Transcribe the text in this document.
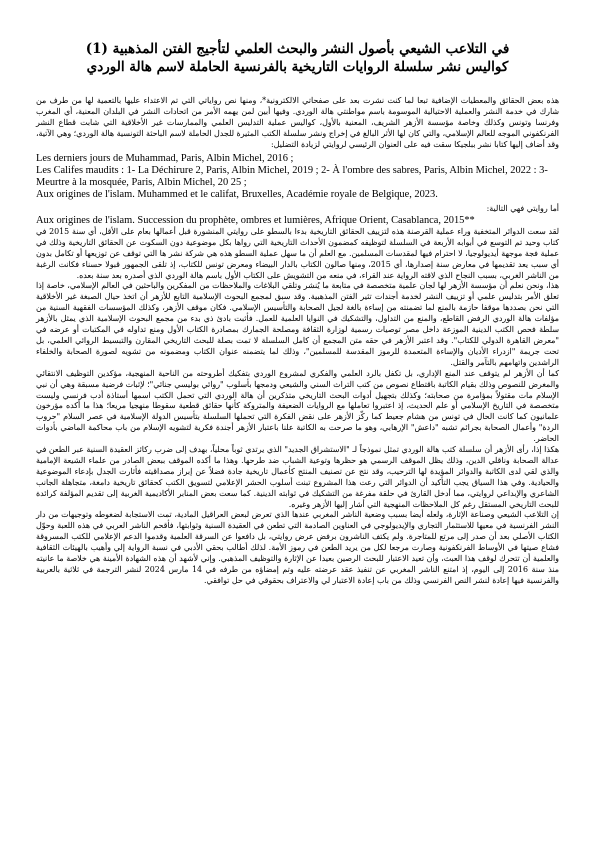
في التلاعب الشيعي بأصول النشر والبحث العلمي لتأجيج الفتن المذهبية (1)
كواليس نشر سلسلة الروايات التاريخية بالفرنسية الحاملة لاسم هالة الوردي

هذه بعض الحقائق والمعطيات الإضافية تبعا لما كنت نشرت بعد على صفحاتي الالكترونية*، ومنها نص رواياتي التي تم الاعتداء عليها بالتعمية لها من طرف من شارك في خدمة النشر والعملية الاحتيالية الموسومة باسم مواطنتي هالة الوردي. وفيها أبين لمن يهمه الأمر من اتحادات النشر في البلدان المعنية، أي المغرب وفرنسا وتونس وكذلك وخاصة مؤسسة الأزهر الشريف، المعنية بالأول، كواليس عملية التدليس العلمي والممارسات غير الأخلاقية التي شابت قطاع النشر الفرنكفوني الموجه للعالم الإسلامي، والتي كان لها الأثر البالغ في إخراج ونشر سلسلة الكتب المثيرة للجدل الحاملة لاسم الباحثة التونسية هالة الوردي؛ وهي الآتية، وقد أضاف إليها كتابا نشر ببلجيكا سقت فيه على العنوان الرئيسي لروايتي لزيادة التضليل:

Les derniers jours de Muhammad, Paris, Albin Michel, 2016 ;

Les Califes maudits : 1- La Déchirure 2, Paris, Albin Michel, 2019 ; 2- À l'ombre des sabres, Paris, Albin Michel, 2022 : 3- Meurtre à la mosquée, Paris, Albin Michel, 20 25 ;

Aux origines de l'islam. Muhammed et le califat, Bruxelles, Académie royale de Belgique, 2023.

أما روايتي فهي التالية:

Aux origines de l'islam. Succession du prophète, ombres et lumières, Afrique Orient, Casablanca, 2015**

لقد سعت الدوائر المتخفية وراء عملية القرصنة هذه لتزييف الحقائق التاريخية بدءا بالسطو على روايتي المنشورة قبل أعمالها بعام على الأقل، أي سنة 2015 في كتاب وحيد تم التوسع في أبوابه الأربعة في السلسلة لتوظيفه كمضمون الأحداث التاريخية التي رواها بكل موضوعية دون السكوت عن الحقائق التاريخية وذلك في عملية فجة موجهة أيديولوجيا، لا احترام فيها لمقدسات المسلمين. مع العلم أن ما سهل عملية السطو هذه هي شركة نشر ها التي توقف عن توزيعها أو تكامل بدون أي سبب يعد تقديمها في معارض سنة إصدارها، أي 2015، ومنها صالون الكتاب بالدار البيضاء ومعرض تونس للكتاب، إذ تلقى الجمهور قبولا حسناء فكانت الرغبة من الناشر الغربي، بسبب النجاح الذي لاقته الرواية عند القراء، في منعه من التشويش على الكتاب الأول باسم هالة الوردي الذي أصدره بعد سنة بعده.

هذا، ونحن نعلم أن مؤسسة الأزهر لها لجان علمية متخصصة في متابعة ما يُنشر وتلقي البلاغات والملاحظات من المفكرين والباحثين في العالم الإسلامي، خاصة إذا تعلق الأمر بتدليس علمي أو تزييف النشر لخدمة أجندات تثير الفتن المذهبية. وقد سبق لمجمع البحوث الإسلامية التابع للأزهر أن اتخذ حيال الصبغة غير الأخلاقية التي نحن بصددها موقفا حازمة بالمنع لما تضمنته من إساءة بالغة لجيل الصحابة والتأسيس الإسلامي. فكان موقف الأزهر، وكذلك المؤسسات الفقهية السنية من مؤلفات هالة الوردي الرفض القاطع، والمنع من التداول، والتشكيك في النوايا العلمية للعمل. فأثبت بادئ ذي بدء من مجمع البحوث الإسلامية الذي يمثل بالأزهر سلطة فحص الكتب الدينية الموزعة داخل مصر توصيات رسمية لوزارة الثقافة ومصلحة الجمارك بمصادرة الكتاب الأول ومنع تداوله في المكتبات أو عرضه في "معرض القاهرة الدولي للكتاب". وقد اعتبر الأزهر في حقه متن المجمع أن كامل السلسلة لا تمت بصلة للبحث التاريخي المقارن والتبسيط الروائي العلمي، بل تحت جريمة "ازدراء الأديان والإساءة المتعمدة للرموز المقدسة للمسلمين"، وذلك لما يتضمنه عنوان الكتاب ومضمونه من تشويه لصورة الصحابة والخلفاء الراشدين واتهامهم بالتآمر والقتل.

كما أن الأزهر لم يتوقف عند المنع الإداري، بل تكفل بالرد العلمي والفكري لمشروع الوردي بتفكيك أطروحته من الناحية المنهجية، مؤكدين التوظيف الانتقائي والمغرض للنصوص وذلك بقيام الكاتبة باقتطاع نصوص من كتب التراث السني والشيعي ودمجها بأسلوب "روائي بوليسي جنائي"؛ لإثبات فرضية مسبقة وهي أن نبي الإسلام مات مقتولاً بمؤامرة من صحابته؛ وكذلك بتجهيل أدوات البحث التاريخي متذكرين أن هالة الوردي التي تحمل الكتب اسمها أستاذة أدب فرنسي وليست متخصصة في التاريخ الإسلامي أو علم الحديث، إذ اعتبروا تعاملها مع الروايات الضعيفة والمتروكة كأنها حقائق قطعية سقوطا منهجيا مريعا؛ هذا ما أكده مؤرخون علمانيون كما كانت الحال في تونس من هشام جعيط كما ركّز الأزهر على نقض الفكرة التي تحملها السلسلة بتأسيس الدولة الإسلامية في عصر السلام "حروب الردة" وأعمال الصحابة بجرائم تشبه "داعش" الإرهابي، وهو ما صرحت به الكاتبة علنا باعتبار الأزهر أجندة فكرية لتشويه الإسلام من باب محاكمة الماضي بأدوات الحاضر.

هكذا إذا، رأى الأزهر أن سلسلة كتب هالة الوردي تمثل نموذجاً لـ "الاستشراق الجديد" الذي يرتدي ثوباً محلياً، بهدف إلى ضرب ركائز العقيدة السنية عبر الطعن في عدالة الصحابة وناقلي الدين، وذلك يظل الموقف الرسمي هو حظرها وتوعية الشباب ضد طرحها. وهذا ما أكده الموقف ببعض الصادر من علماء الشيعة الإمامية والذي لقي لدى الكاتبة والدوائر المؤيدة لها الترحيب، وقد نتج عن تصنيف المنتج كأعمال تاريخية جادة فضلاً عن إبراز مصداقيته فأثارت الجدل بإدعاء الموضوعية والحيادية. وفي هذا السياق يجب التأكيد أن الدوائر التي رعت هذا المشروع تبنت أسلوب الحشر الإعلامي لتسويق الكتب كحقائق تاريخية دامغة، متجاهلة الجانب الشاعري والإبداعي لروايتي، مما أدخل القارئ في حلقة مفرغة من التشكيك في ثوابته الدينية. كما سعت بعض المنابر الأكاديمية الغربية إلى تقديم المؤلفة كرائدة للبحث التاريخي المستقل رغم كل الملاحظات المنهجية التي أشار إليها الأزهر وغيره.

إن التلاعب الشيعي وصناعة الإثارة، ولعله أيضا بسبب وضعية الناشر المغربي عندها الذي تعرض لبعض العراقيل المادية، تمت الاستجابة لضغوطه وتوجيهات من دار النشر الفرنسية في معيها للاستثمار التجاري والإيديولوجي في العناوين الصادمة التي تطعن في العقيدة السنية وثوابتها، فأقحم الناشر العربي في هذه اللعبة وحوّل الكتاب الأصلي بعد أن صدر إلى مرتع للمتاجرة. ولم يكتف الناشرون برفض عرض روايتي، بل دافعوا عن السرقة العلمية وقدموا الدعم الإعلامي للكتب المسروقة فشاع صيتها في الأوساط الفرنكفونية وصارت مرجعا لكل من يريد الطعن في رموز الأمة. لذلك أطالب بحقي الأدبي في نسبة الرواية إلي وأهيب بالهيئات الثقافية والعلمية أن تتحرك لوقف هذا العبث، وأن تعيد الاعتبار للبحث الرصين بعيدا عن الإثارة والتوظيف المذهبي. وإني لأشهد أن هذه الشهادة الأمينة هي خلاصة ما عانيته منذ سنة 2016 إلى اليوم، إذ امتنع الناشر المغربي عن تنفيذ عقد عرضته عليه وتم إمضاؤه من طرفه في 14 مارس 2024 لنشر الترجمة في ثلاثية بالعربية والفرنسية فيها إعادة لنشر النص الفرنسي وذلك من باب إعادة الاعتبار لي والاعتراف بحقوقي في حل توافقي.
